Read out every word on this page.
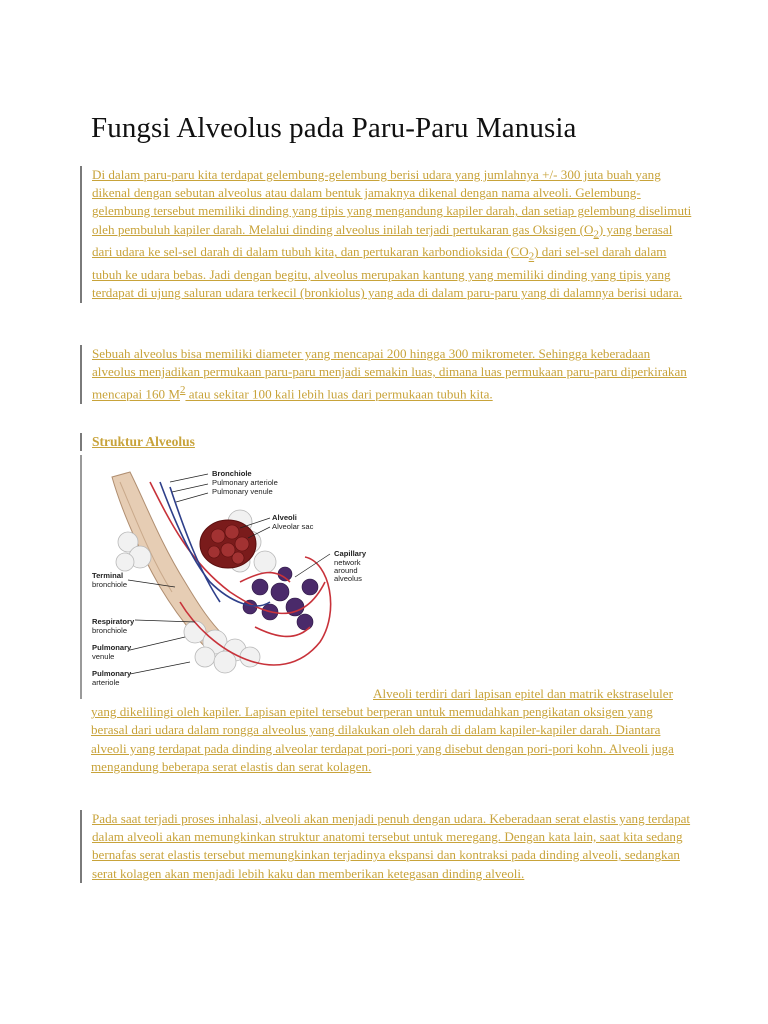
Fungsi Alveolus pada Paru-Paru Manusia

Di dalam paru-paru kita terdapat gelembung-gelembung berisi udara yang jumlahnya +/- 300 juta buah yang dikenal dengan sebutan alveolus atau dalam bentuk jamaknya dikenal dengan nama alveoli. Gelembung-gelembung tersebut memiliki dinding yang tipis yang mengandung kapiler darah, dan setiap gelembung diselimuti oleh pembuluh kapiler darah. Melalui dinding alveolus inilah terjadi pertukaran gas Oksigen $(O_2)$ yang berasal dari udara ke sel-sel darah di dalam tubuh kita, dan pertukaran karbondioksida $(CO_2)$ dari sel-sel darah dalam tubuh ke udara bebas. Jadi dengan begitu, alveolus merupakan kantung yang memiliki dinding yang tipis yang terdapat di ujung saluran udara terkecil (bronkiolus) yang ada di dalam paru-paru yang di dalamnya berisi udara.

Sebuah alveolus bisa memiliki diameter yang mencapai 200 hingga 300 mikrometer. Sehingga keberadaan alveolus menjadikan permukaan paru-paru menjadi semakin luas, dimana luas permukaan paru-paru diperkirakan mencapai 160 $M^2$ atau sekitar 100 kali lebih luas dari permukaan tubuh kita.

Struktur Alveolus
Bronchiole
Pulmonary arteriole
Pulmonary venule
Alveoli
Alveolar sac
Capillary
network
around
alveolus
Terminal
bronchiole
Respiratory
bronchiole
Pulmonary
venule
Pulmonary
arteriole

Alveoli terdiri dari lapisan epitel dan matrik ekstraseluler yang dikelilingi oleh kapiler. Lapisan epitel tersebut berperan untuk memudahkan pengikatan oksigen yang berasal dari udara dalam rongga alveolus yang dilakukan oleh darah di dalam kapiler-kapiler darah. Diantara alveoli yang terdapat pada dinding alveolar terdapat pori-pori yang disebut dengan pori-pori kohn. Alveoli juga mengandung beberapa serat elastis dan serat kolagen.

Pada saat terjadi proses inhalasi, alveoli akan menjadi penuh dengan udara. Keberadaan serat elastis yang terdapat dalam alveoli akan memungkinkan struktur anatomi tersebut untuk meregang. Dengan kata lain, saat kita sedang bernafas serat elastis tersebut memungkinkan terjadinya ekspansi dan kontraksi pada dinding alveoli, sedangkan serat kolagen akan menjadi lebih kaku dan memberikan ketegasan dinding alveoli.
